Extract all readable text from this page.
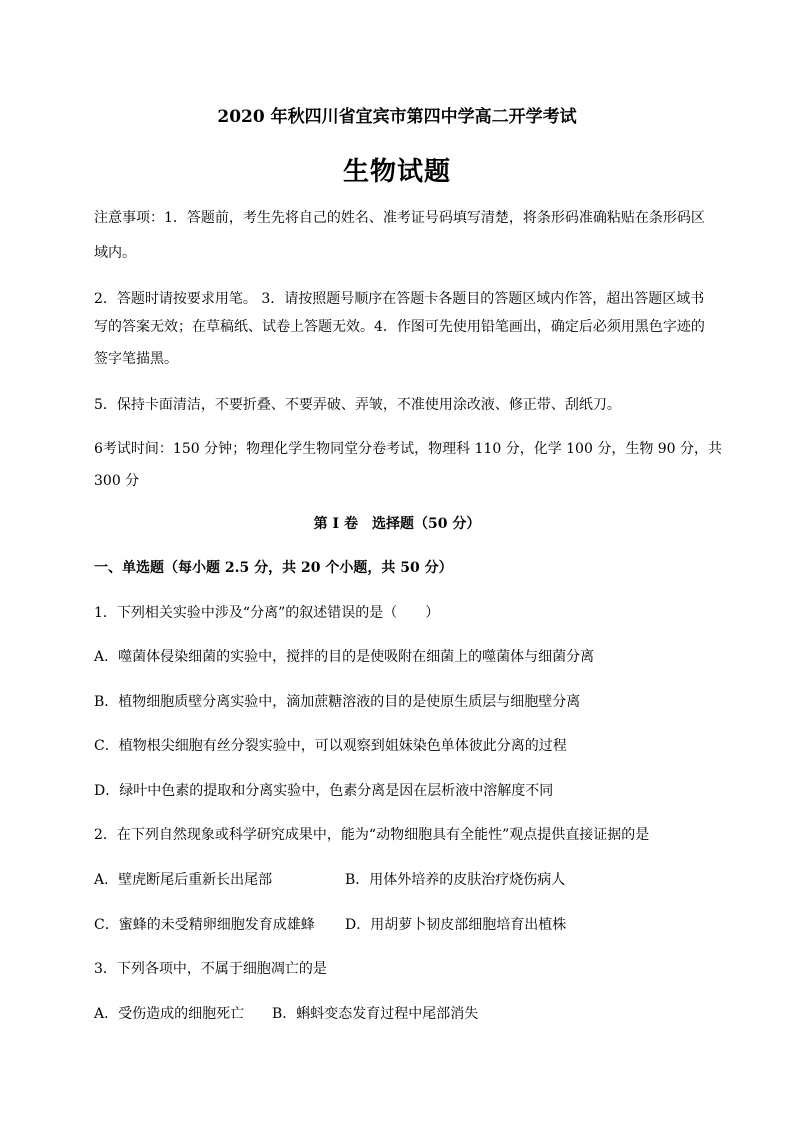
2020 年秋四川省宜宾市第四中学高二开学考试
生物试题
注意事项：1．答题前，考生先将自己的姓名、准考证号码填写清楚，将条形码准确粘贴在条形码区
域内。
2．答题时请按要求用笔。 3．请按照题号顺序在答题卡各题目的答题区域内作答，超出答题区域书
写的答案无效；在草稿纸、试卷上答题无效。4．作图可先使用铅笔画出，确定后必须用黑色字迹的
签字笔描黑。
5．保持卡面清洁，不要折叠、不要弄破、弄皱，不准使用涂改液、修正带、刮纸刀。
6考试时间：150 分钟；物理化学生物同堂分卷考试，物理科 110 分，化学 100 分，生物 90 分，共
300 分
第 I 卷　选择题（50 分）
一、单选题（每小题 2.5 分，共 20 个小题，共 50 分）
1．下列相关实验中涉及“分离”的叙述错误的是（　　）
A．噬菌体侵染细菌的实验中，搅拌的目的是使吸附在细菌上的噬菌体与细菌分离
B．植物细胞质壁分离实验中，滴加蔗糖溶液的目的是使原生质层与细胞壁分离
C．植物根尖细胞有丝分裂实验中，可以观察到姐妹染色单体彼此分离的过程
D．绿叶中色素的提取和分离实验中，色素分离是因在层析液中溶解度不同
2．在下列自然现象或科学研究成果中，能为“动物细胞具有全能性”观点提供直接证据的是
A．壁虎断尾后重新长出尾部	B．用体外培养的皮肤治疗烧伤病人
C．蜜蜂的未受精卵细胞发育成雄蜂 D．用胡萝卜韧皮部细胞培育出植株
3．下列各项中，不属于细胞凋亡的是
A．受伤造成的细胞死亡 B．蝌蚪变态发育过程中尾部消失
